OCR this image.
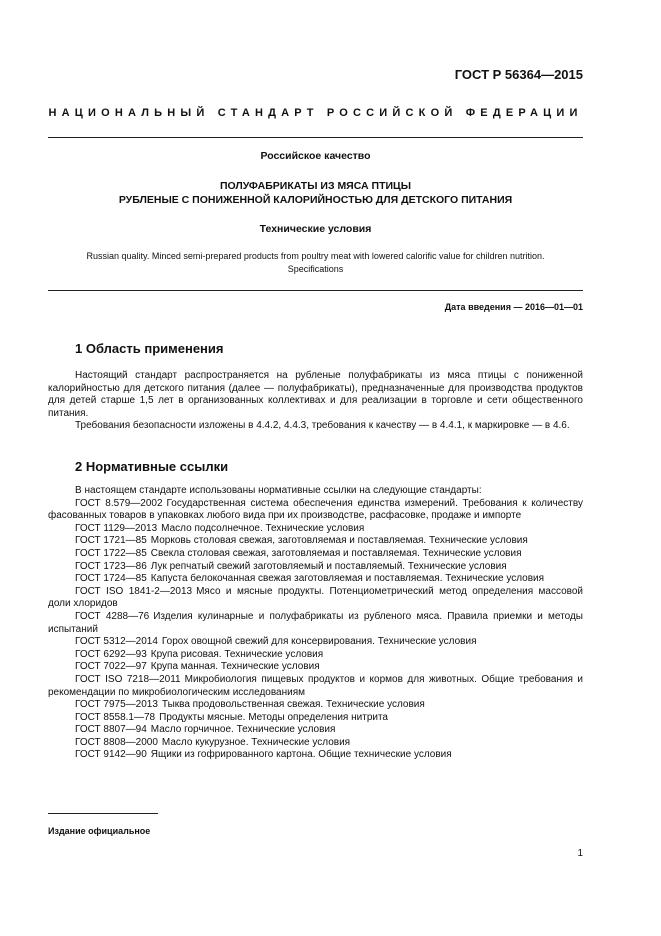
ГОСТ Р 56364—2015
НАЦИОНАЛЬНЫЙ СТАНДАРТ РОССИЙСКОЙ ФЕДЕРАЦИИ
Российское качество
ПОЛУФАБРИКАТЫ ИЗ МЯСА ПТИЦЫ
РУБЛЕНЫЕ С ПОНИЖЕННОЙ КАЛОРИЙНОСТЬЮ ДЛЯ ДЕТСКОГО ПИТАНИЯ
Технические условия
Russian quality. Minced semi-prepared products from poultry meat with lowered calorific value for children nutrition.
Specifications
Дата введения — 2016—01—01
1 Область применения

Настоящий стандарт распространяется на рубленые полуфабрикаты из мяса птицы с пониженной калорийностью для детского питания (далее — полуфабрикаты), предназначенные для производства продуктов для детей старше 1,5 лет в организованных коллективах и для реализации в торговле и сети общественного питания.

Требования безопасности изложены в 4.4.2, 4.4.3, требования к качеству — в 4.4.1, к маркировке — в 4.6.

2 Нормативные ссылки
В настоящем стандарте использованы нормативные ссылки на следующие стандарты:
ГОСТ 8.579—2002 Государственная система обеспечения единства измерений. Требования к количеству фасованных товаров в упаковках любого вида при их производстве, расфасовке, продаже и импорте
ГОСТ 1129—2013 Масло подсолнечное. Технические условия
ГОСТ 1721—85 Морковь столовая свежая, заготовляемая и поставляемая. Технические условия
ГОСТ 1722—85 Свекла столовая свежая, заготовляемая и поставляемая. Технические условия
ГОСТ 1723—86 Лук репчатый свежий заготовляемый и поставляемый. Технические условия
ГОСТ 1724—85 Капуста белокочанная свежая заготовляемая и поставляемая. Технические условия
ГОСТ ISO 1841-2—2013 Мясо и мясные продукты. Потенциометрический метод определения массовой доли хлоридов
ГОСТ 4288—76 Изделия кулинарные и полуфабрикаты из рубленого мяса. Правила приемки и методы испытаний
ГОСТ 5312—2014 Горох овощной свежий для консервирования. Технические условия
ГОСТ 6292—93 Крупа рисовая. Технические условия
ГОСТ 7022—97 Крупа манная. Технические условия
ГОСТ ISO 7218—2011 Микробиология пищевых продуктов и кормов для животных. Общие требования и рекомендации по микробиологическим исследованиям
ГОСТ 7975—2013 Тыква продовольственная свежая. Технические условия
ГОСТ 8558.1—78 Продукты мясные. Методы определения нитрита
ГОСТ 8807—94 Масло горчичное. Технические условия
ГОСТ 8808—2000 Масло кукурузное. Технические условия
ГОСТ 9142—90 Ящики из гофрированного картона. Общие технические условия
Издание официальное
1
